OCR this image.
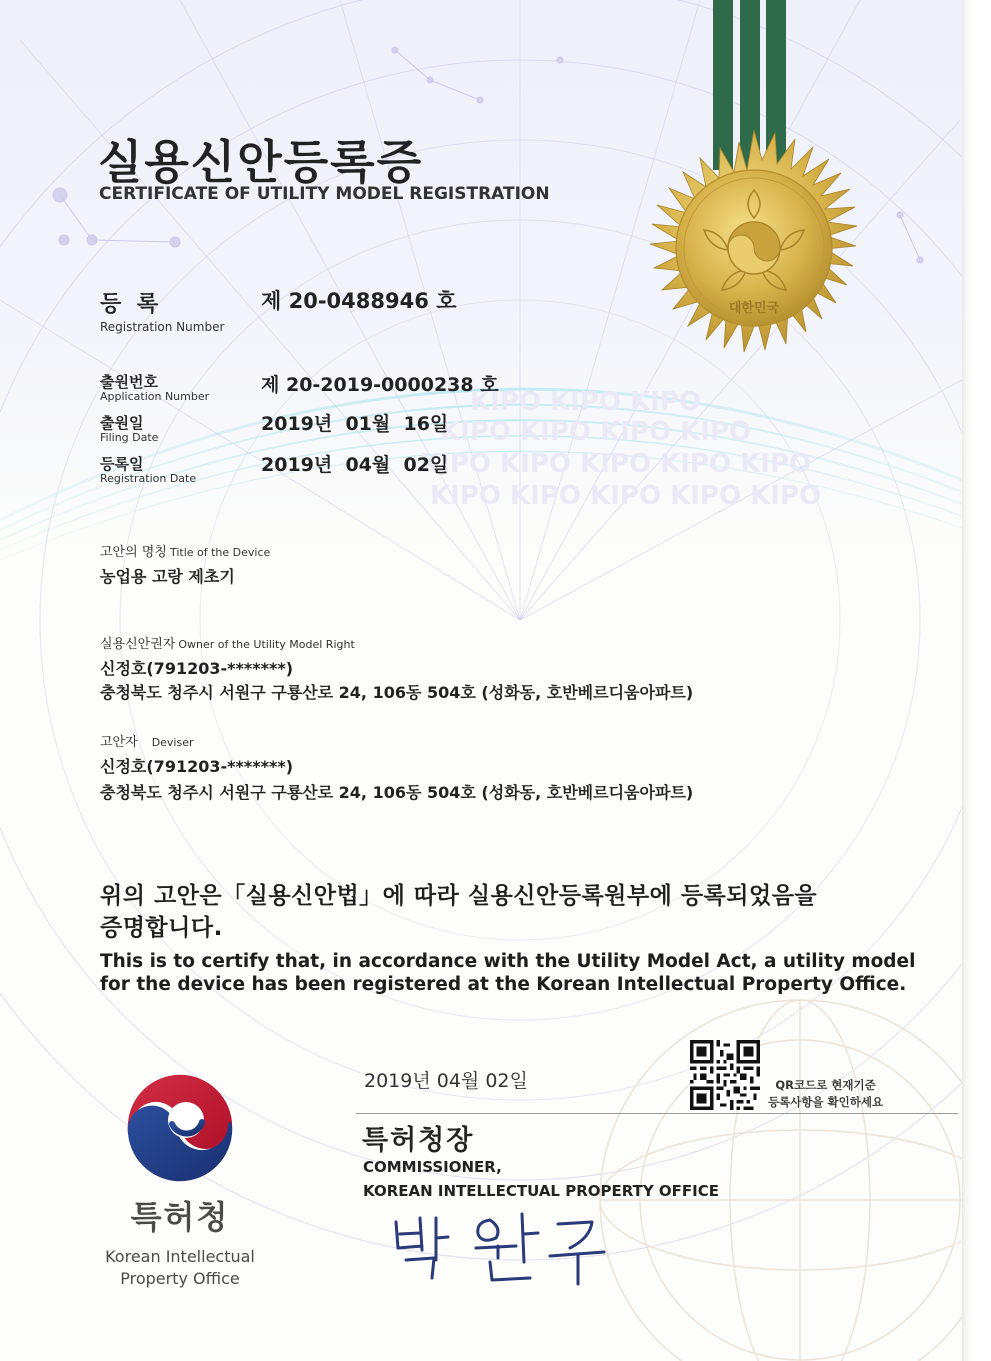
KIPO KIPO KIPO
KIPO KIPO KIPO KIPO
KIPO KIPO KIPO KIPO KIPO
KIPO KIPO KIPO KIPO KIPO
대한민국
실용신안등록증
CERTIFICATE OF UTILITY MODEL REGISTRATION
등 록
Registration Number
제 20-0488946 호
출원번호
Application Number
제 20-2019-0000238 호
출원일
Filing Date
2019년  01월  16일
등록일
Registration Date
2019년  04월  02일
고안의 명칭 Title of the Device
농업용 고랑 제초기
실용신안권자 Owner of the Utility Model Right
신정호(791203-*******)
충청북도 청주시 서원구 구룡산로 24, 106동 504호 (성화동, 호반베르디움아파트)
고안자 Deviser
신정호(791203-*******)
충청북도 청주시 서원구 구룡산로 24, 106동 504호 (성화동, 호반베르디움아파트)
위의 고안은「실용신안법」에 따라 실용신안등록원부에 등록되었음을
증명합니다.
This is to certify that, in accordance with the Utility Model Act, a utility model
for the device has been registered at the Korean Intellectual Property Office.
2019년 04월 02일	QR코드로 현재기준
등록사항을 확인하세요
특허청장
COMMISSIONER,
KOREAN INTELLECTUAL PROPERTY OFFICE
특허청
Korean Intellectual
Property Office
